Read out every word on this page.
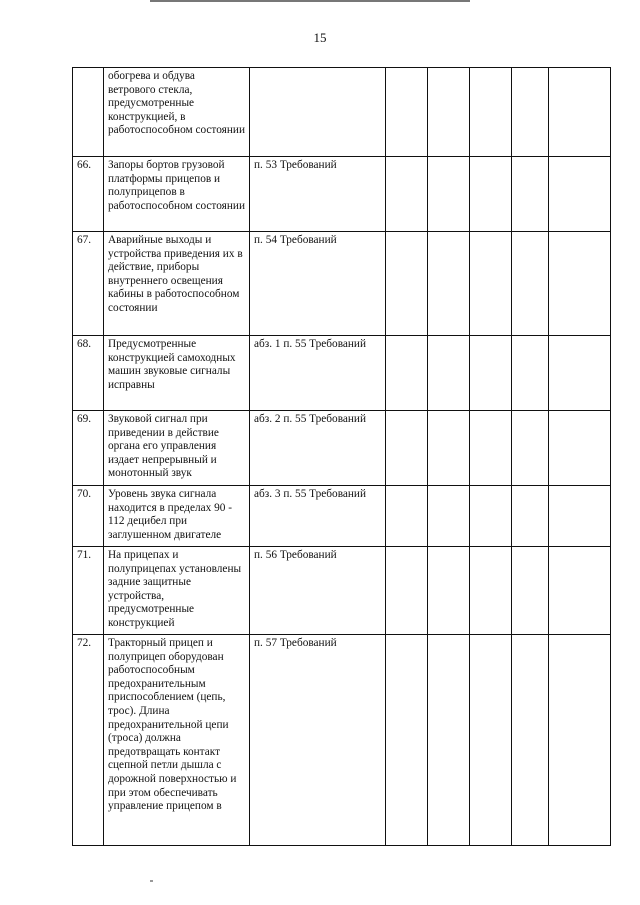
15
	обогрева и обдува ветрового стекла, предусмотренные конструкцией, в работоспособном состоянии						
66.	Запоры бортов грузовой платформы прицепов и полуприцепов в работоспособном состоянии	п. 53 Требований					
67.	Аварийные выходы и устройства приведения их в действие, приборы внутреннего освещения кабины в работоспособном состоянии	п. 54 Требований					
68.	Предусмотренные конструкцией самоходных машин звуковые сигналы исправны	абз. 1 п. 55 Требований					
69.	Звуковой сигнал при приведении в действие органа его управления издает непрерывный и монотонный звук	абз. 2 п. 55 Требований					
70.	Уровень звука сигнала находится в пределах 90 - 112 децибел при заглушенном двигателе	абз. 3 п. 55 Требований					
71.	На прицепах и полуприцепах установлены задние защитные устройства, предусмотренные конструкцией	п. 56 Требований					
72.	Тракторный прицеп и полуприцеп оборудован работоспособным предохранительным приспособлением (цепь, трос). Длина предохранительной цепи (троса) должна предотвращать контакт сцепной петли дышла с дорожной поверхностью и при этом обеспечивать управление прицепом в	п. 57 Требований					
